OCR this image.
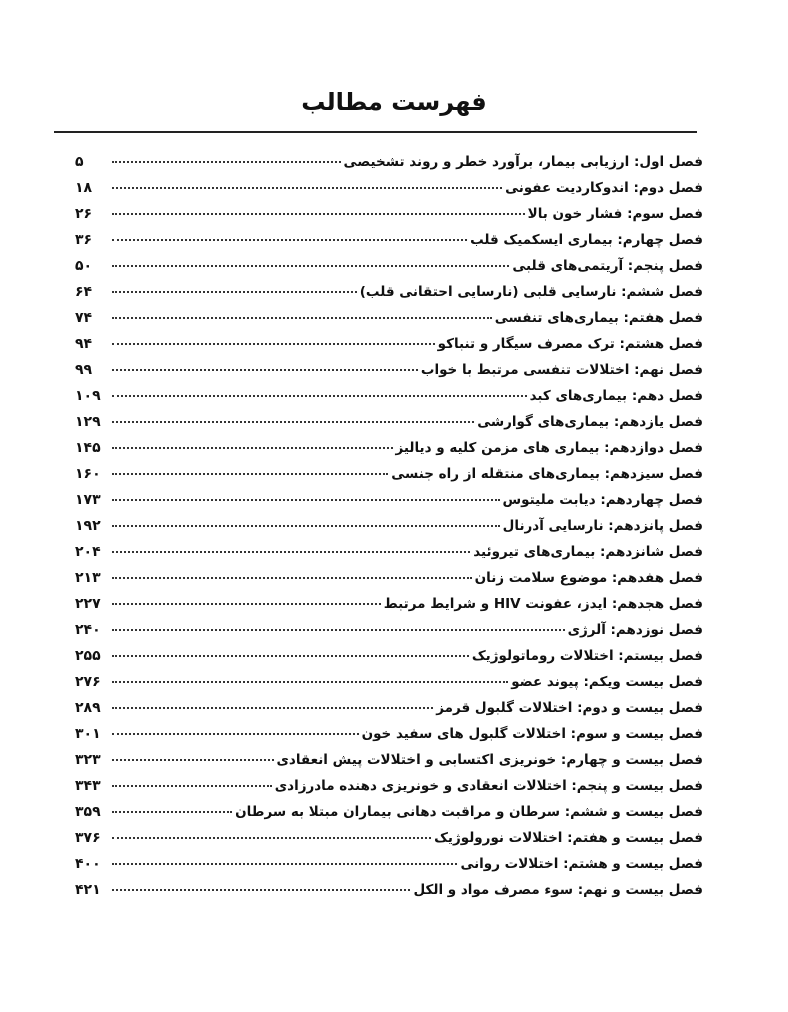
فهرست مطالب
فصل اول: ارزیابی بیمار، برآورد خطر و روند تشخیصی
۵
فصل دوم: اندوکاردیت عفونی
۱۸
فصل سوم: فشار خون بالا
۲۶
فصل چهارم: بیماری ایسکمیک قلب
۳۶
فصل پنجم: آریتمی‌های قلبی
۵۰
فصل ششم: نارسایی قلبی (نارسایی احتقانی قلب)
۶۴
فصل هفتم: بیماری‌های تنفسی
۷۴
فصل هشتم: ترک مصرف سیگار و تنباکو
۹۴
فصل نهم: اختلالات تنفسی مرتبط با خواب
۹۹
فصل دهم: بیماری‌های کبد
۱۰۹
فصل یازدهم: بیماری‌های گوارشی
۱۲۹
فصل دوازدهم: بیماری های مزمن کلیه و دیالیز
۱۴۵
فصل سیزدهم: بیماری‌های منتقله از راه جنسی
۱۶۰
فصل چهاردهم: دیابت ملیتوس
۱۷۳
فصل پانزدهم: نارسایی آدرنال
۱۹۲
فصل شانزدهم: بیماری‌های تیروئید
۲۰۴
فصل هفدهم: موضوع سلامت زنان
۲۱۳
فصل هجدهم: ایدز، عفونت HIV و شرایط مرتبط
۲۲۷
فصل نوزدهم: آلرژی
۲۴۰
فصل بیستم: اختلالات روماتولوژیک
۲۵۵
فصل بیست ویکم: پیوند عضو
۲۷۶
فصل بیست و دوم: اختلالات گلبول قرمز
۲۸۹
فصل بیست و سوم: اختلالات گلبول های سفید خون
۳۰۱
فصل بیست و چهارم: خونریزی اکتسابی و اختلالات پیش انعقادی
۳۲۳
فصل بیست و پنجم: اختلالات انعقادی و خونریزی دهنده مادرزادی
۳۴۳
فصل بیست و ششم: سرطان و مراقبت دهانی بیماران مبتلا به سرطان
۳۵۹
فصل بیست و هفتم: اختلالات نورولوژیک
۳۷۶
فصل بیست و هشتم: اختلالات روانی
۴۰۰
فصل بیست و نهم: سوء مصرف مواد و الکل
۴۲۱
